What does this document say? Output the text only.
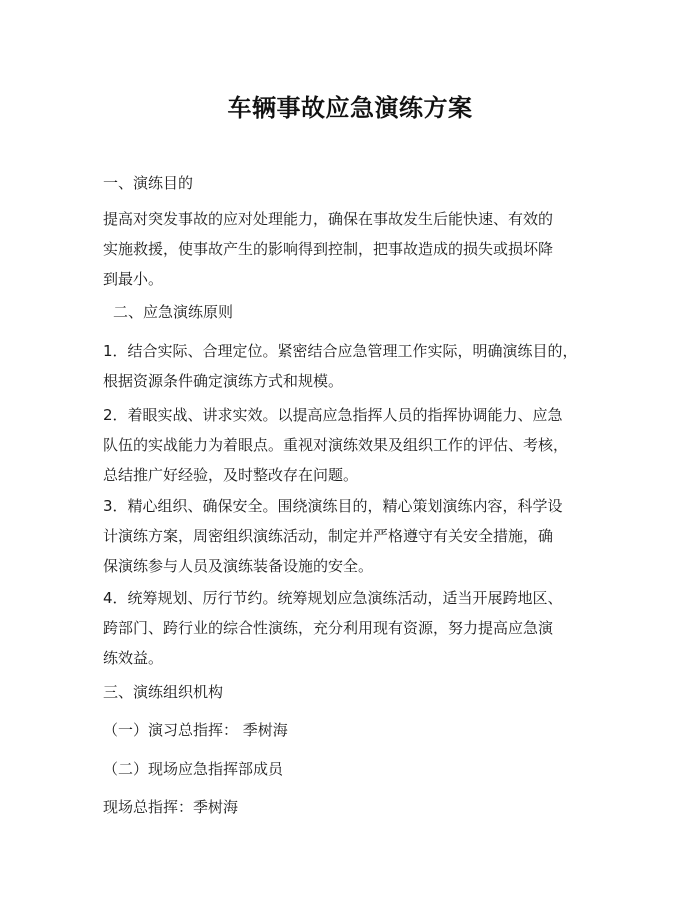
车辆事故应急演练方案

一、演练目的

提高对突发事故的应对处理能力，确保在事故发生后能快速、有效的
实施救援，使事故产生的影响得到控制，把事故造成的损失或损坏降
到最小。

二、应急演练原则

1．结合实际、合理定位。紧密结合应急管理工作实际，明确演练目的，
根据资源条件确定演练方式和规模。

2．着眼实战、讲求实效。以提高应急指挥人员的指挥协调能力、应急
队伍的实战能力为着眼点。重视对演练效果及组织工作的评估、考核，
总结推广好经验，及时整改存在问题。

3．精心组织、确保安全。围绕演练目的，精心策划演练内容，科学设
计演练方案，周密组织演练活动，制定并严格遵守有关安全措施，确
保演练参与人员及演练装备设施的安全。

4．统筹规划、厉行节约。统筹规划应急演练活动，适当开展跨地区、
跨部门、跨行业的综合性演练，充分利用现有资源，努力提高应急演
练效益。

三、演练组织机构

（一）演习总指挥： 季树海

（二）现场应急指挥部成员

现场总指挥：季树海
